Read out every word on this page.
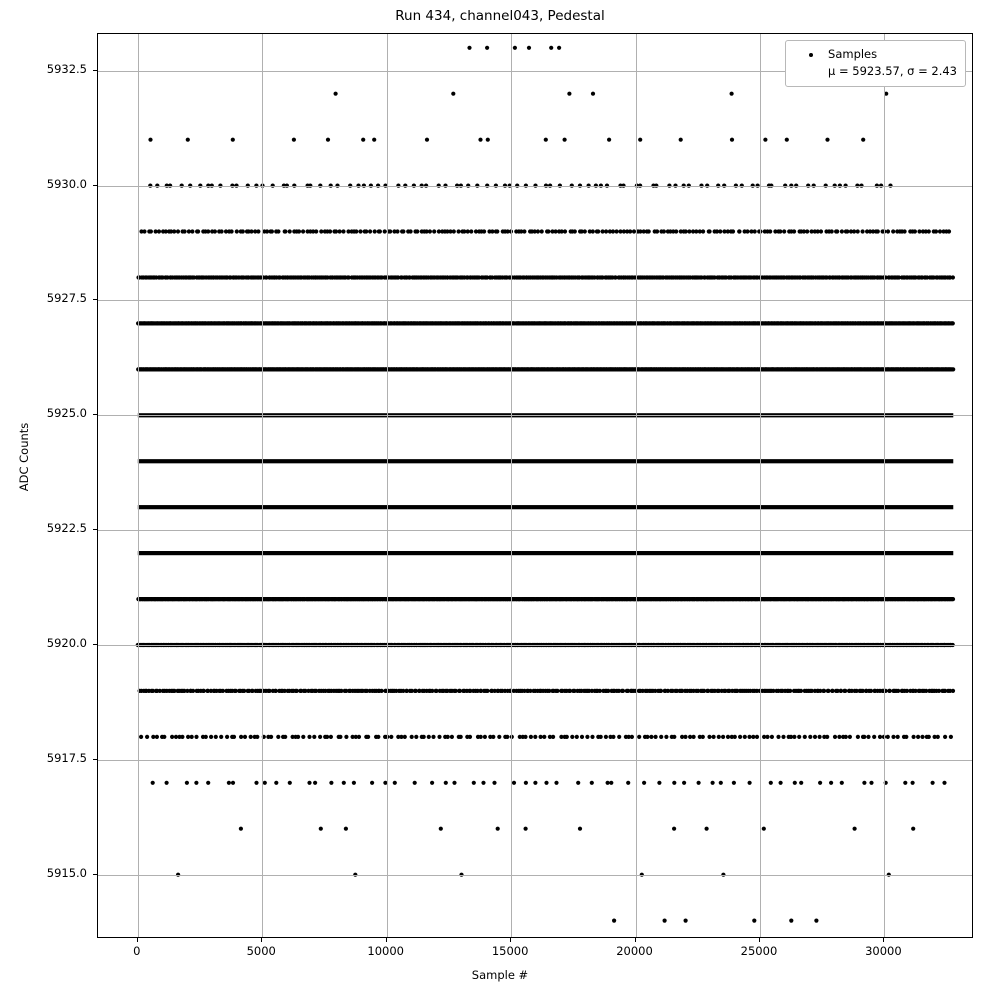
Run 434, channel043, Pedestal
Samples
μ = 5923.57, σ = 2.43
Sample #
ADC Counts
0	5000	10000	15000	20000	25000	30000
5915.0
5917.5
5920.0
5922.5
5925.0
5927.5
5930.0
5932.5
